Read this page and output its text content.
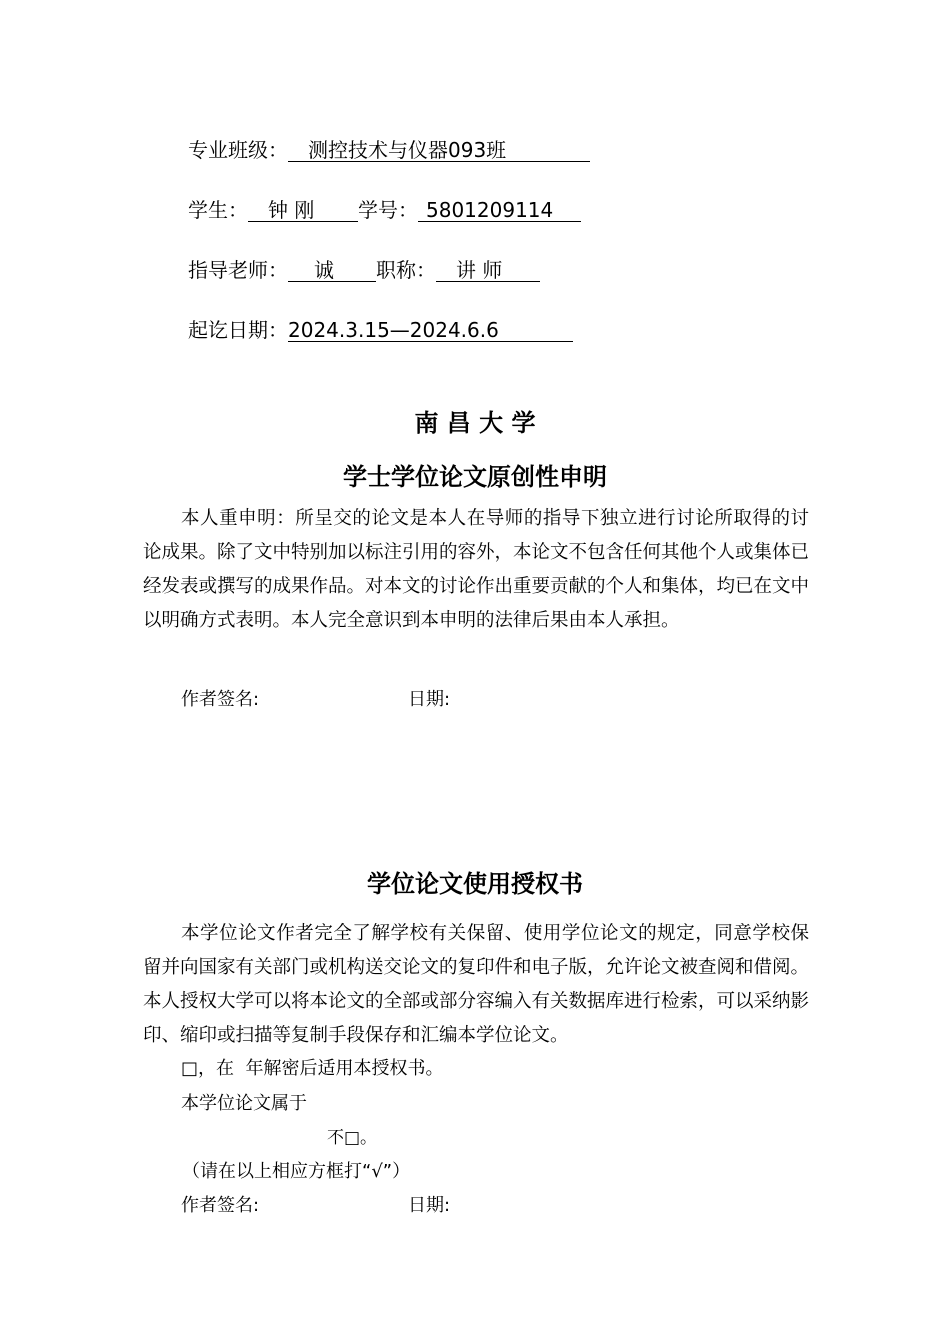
专业班级： 测控技术与仪器093班
学生： 钟 刚 学号： 5801209114
指导老师： 诚 职称： 讲 师
起讫日期：2024.3.15—2024.6.6
南 昌 大 学
学士学位论文原创性申明

本人重申明：所呈交的论文是本人在导师的指导下独立进行讨论所取得的讨论成果。除了文中特别加以标注引用的容外，本论文不包含任何其他个人或集体已经发表或撰写的成果作品。对本文的讨论作出重要贡献的个人和集体，均已在文中以明确方式表明。本人完全意识到本申明的法律后果由本人承担。

作者签名:	日期:
学位论文使用授权书

本学位论文作者完全了解学校有关保留、使用学位论文的规定，同意学校保留并向国家有关部门或机构送交论文的复印件和电子版，允许论文被查阅和借阅。本人授权大学可以将本论文的全部或部分容编入有关数据库进行检索，可以采纳影印、缩印或扫描等复制手段保存和汇编本学位论文。

□，在  年解密后适用本授权书。
本学位论文属于
不□。
（请在以上相应方框打“√”）
作者签名:	日期:
